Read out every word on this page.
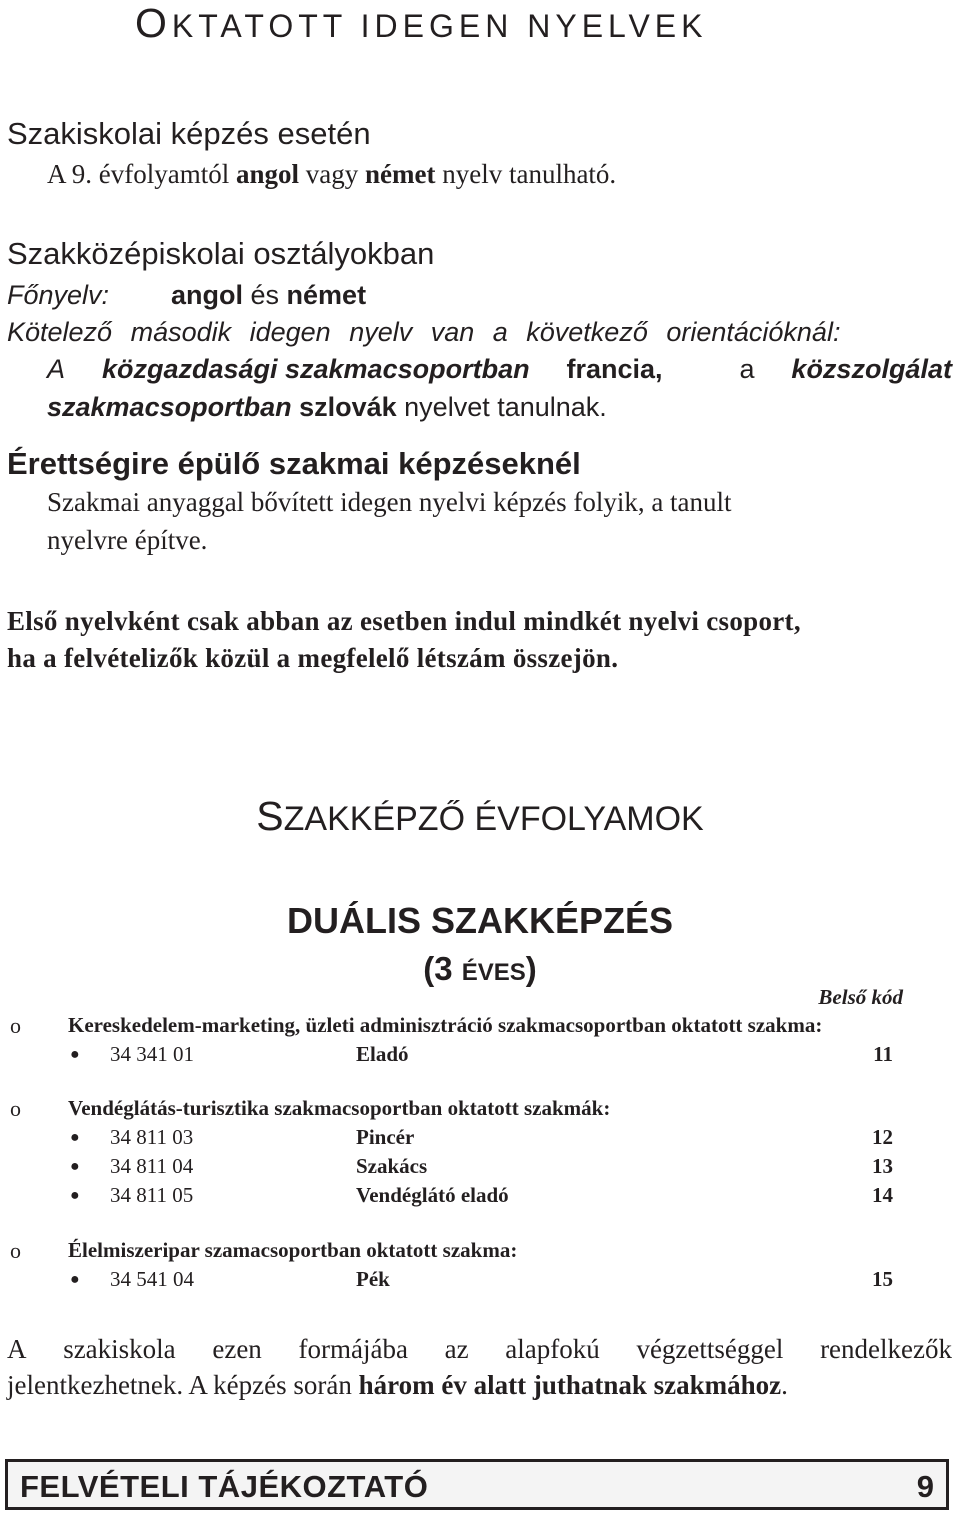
OKTATOTT IDEGEN NYELVEK
Szakiskolai képzés esetén
A 9. évfolyamtól angol vagy német nyelv tanulható.
Szakközépiskolai osztályokban
Főnyelv: angol és német
Kötelező második idegen nyelv van a következő orientációknál:
A közgazdasági szakmacsoportban francia,	a közszolgálat
szakmacsoportban szlovák nyelvet tanulnak.
Érettségire épülő szakmai képzéseknél
Szakmai anyaggal bővített idegen nyelvi képzés folyik, a tanult
nyelvre építve.
Első nyelvként csak abban az esetben indul mindkét nyelvi csoport,
ha a felvételizők közül a megfelelő létszám összejön.
SZAKKÉPZŐ ÉVFOLYAMOK
DUÁLIS SZAKKÉPZÉS
(3 ÉVES)
Belső kód
o Kereskedelem-marketing, üzleti adminisztráció szakmacsoportban oktatott szakma:
● 34 341 01	Eladó	11
o Vendéglátás-turisztika szakmacsoportban oktatott szakmák:
● 34 811 03	Pincér	12
● 34 811 04	Szakács	13
● 34 811 05	Vendéglátó eladó	14
o Élelmiszeripar szamacsoportban oktatott szakma:
● 34 541 04	Pék	15
A szakiskola ezen formájába az alapfokú végzettséggel rendelkezők
jelentkezhetnek. A képzés során három év alatt juthatnak szakmához.
FELVÉTELI TÁJÉKOZTATÓ	9
